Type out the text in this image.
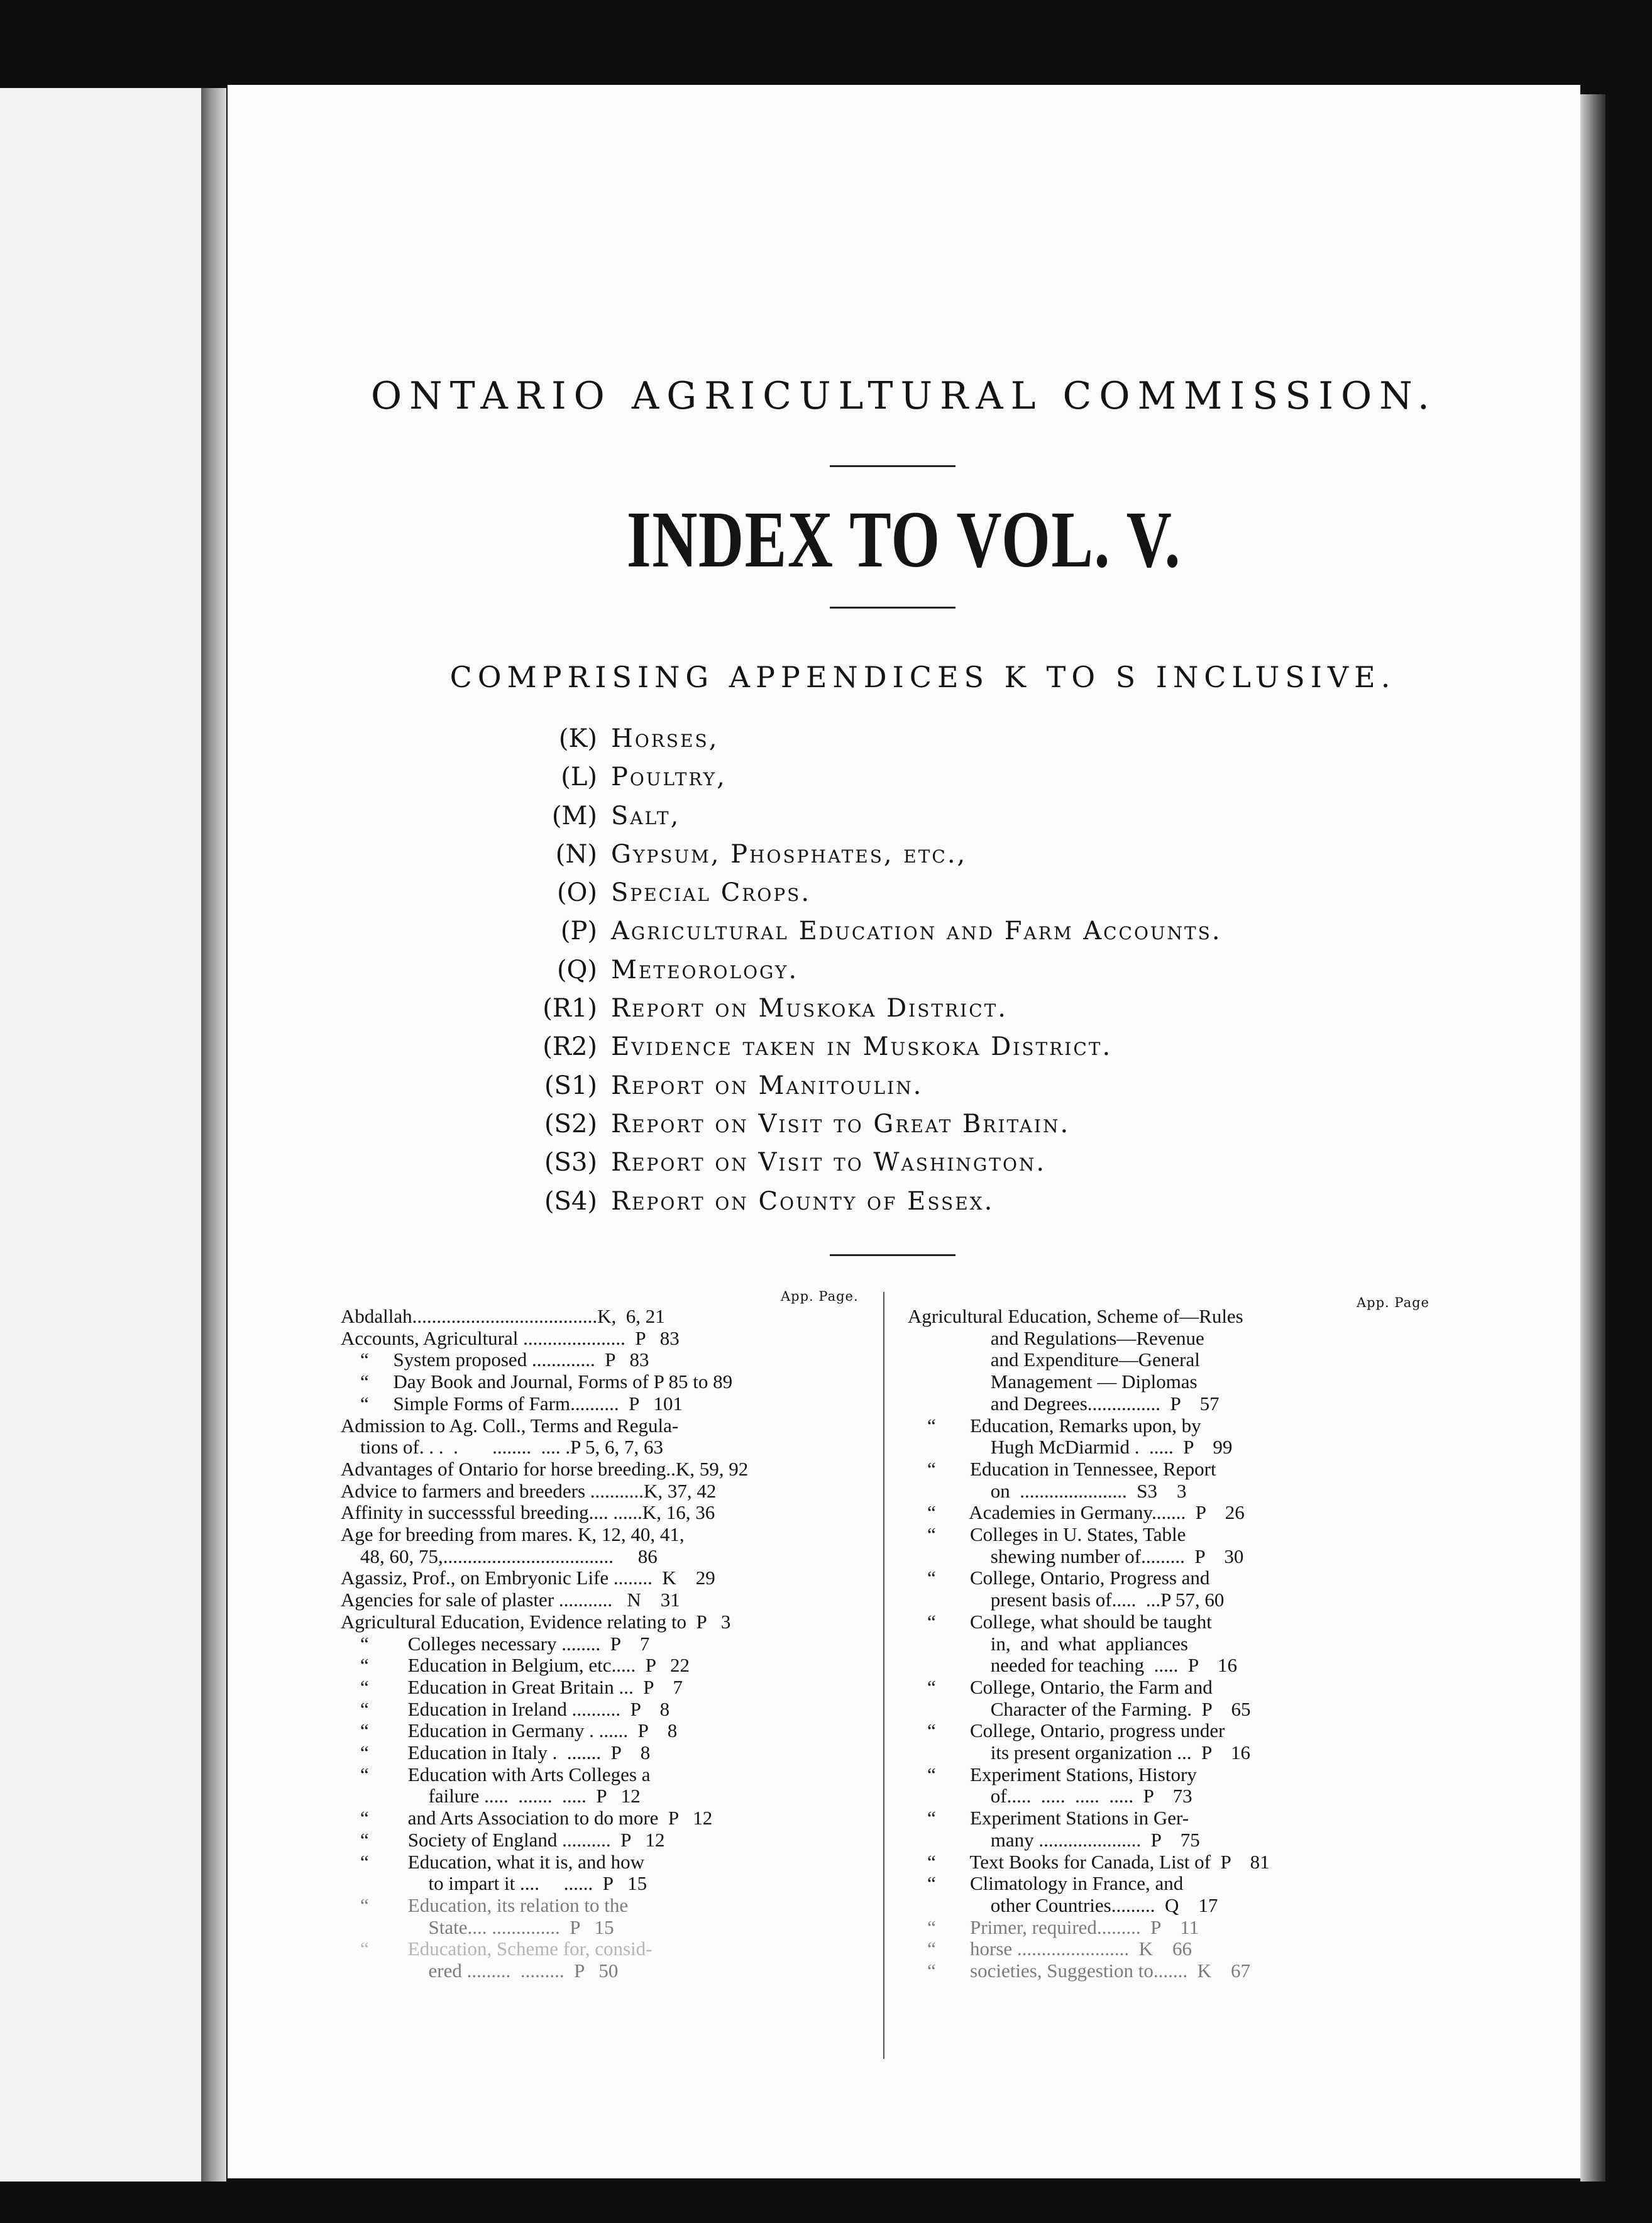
ONTARIO AGRICULTURAL COMMISSION.
INDEX TO VOL. V.
COMPRISING APPENDICES K TO S INCLUSIVE.
(K) Horses,
(L) Poultry,
(M) Salt,
(N) Gypsum, Phosphates, etc.,
(O) Special Crops.
(P) Agricultural Education and Farm Accounts.
(Q) Meteorology.
(R1) Report on Muskoka District.
(R2) Evidence taken in Muskoka District.
(S1) Report on Manitoulin.
(S2) Report on Visit to Great Britain.
(S3) Report on Visit to Washington.
(S4) Report on County of Essex.
App. Page.	App. Page
Abdallah......................................K,  6, 21
Accounts, Agricultural .....................  P   83
“     System proposed .............  P   83
“     Day Book and Journal, Forms of P 85 to 89
“     Simple Forms of Farm..........  P   101
Admission to Ag. Coll., Terms and Regula-
tions of. . .  .       ........  .... .P 5, 6, 7, 63
Advantages of Ontario for horse breeding..K, 59, 92
Advice to farmers and breeders ...........K, 37, 42
Affinity in successsful breeding.... ......K, 16, 36
Age for breeding from mares. K, 12, 40, 41,
48, 60, 75,...................................     86
Agassiz, Prof., on Embryonic Life ........  K    29
Agencies for sale of plaster ...........   N    31
Agricultural Education, Evidence relating to  P   3
“        Colleges necessary ........  P    7
“        Education in Belgium, etc.....  P   22
“        Education in Great Britain ...  P    7
“        Education in Ireland ..........  P    8
“        Education in Germany . ......  P    8
“        Education in Italy .  .......  P    8
“        Education with Arts Colleges a
failure .....  .......  .....  P   12
“        and Arts Association to do more  P   12
“        Society of England ..........  P   12
“        Education, what it is, and how
to impart it ....     ......  P   15
“        Education, its relation to the
State.... ..............  P   15
“        Education, Scheme for, consid-
ered .........  .........  P   50
Agricultural Education, Scheme of—Rules
and Regulations—Revenue
and Expenditure—General
Management — Diplomas
and Degrees...............  P    57
“       Education, Remarks upon, by
Hugh McDiarmid .  .....  P    99
“       Education in Tennessee, Report
on  ......................  S3    3
“       Academies in Germany.......  P    26
“       Colleges in U. States, Table
shewing number of.........  P    30
“       College, Ontario, Progress and
present basis of.....  ...P 57, 60
“       College, what should be taught
in,  and  what  appliances
needed for teaching  .....  P    16
“       College, Ontario, the Farm and
Character of the Farming.  P    65
“       College, Ontario, progress under
its present organization ...  P    16
“       Experiment Stations, History
of.....  .....  .....  .....  P    73
“       Experiment Stations in Ger-
many .....................  P    75
“       Text Books for Canada, List of  P    81
“       Climatology in France, and
other Countries.........  Q    17
“       Primer, required.........  P    11
“       horse .......................  K    66
“       societies, Suggestion to.......  K    67
